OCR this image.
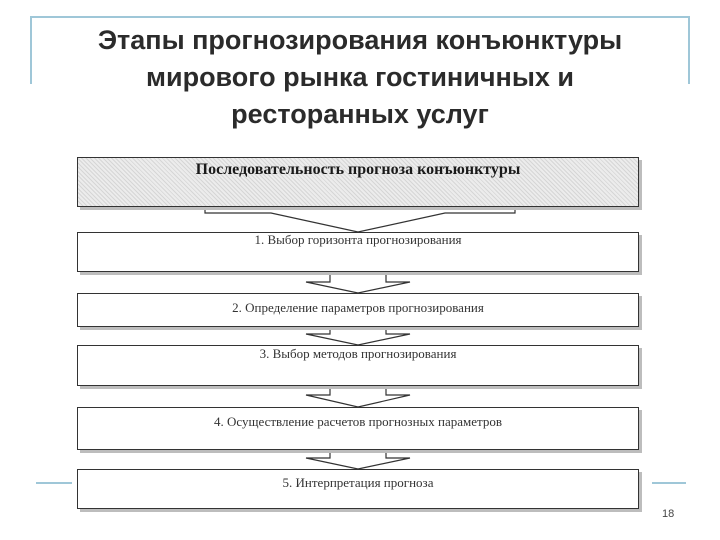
Этапы прогнозирования конъюнктуры
мирового рынка гостиничных и
ресторанных услуг
Последовательность прогноза конъюнктуры
1. Выбор горизонта прогнозирования
2. Определение параметров прогнозирования
3. Выбор методов прогнозирования
4. Осуществление расчетов прогнозных параметров
5. Интерпретация прогноза
18
